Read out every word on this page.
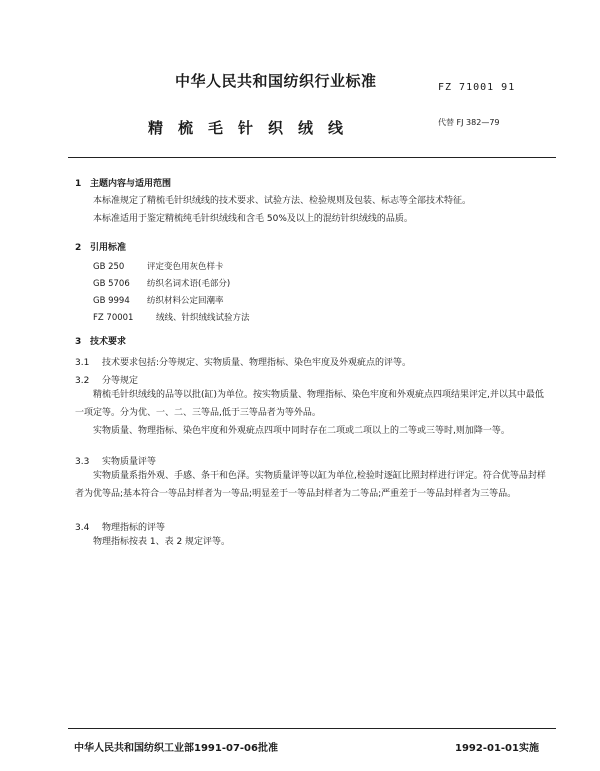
中华人民共和国纺织行业标准	FZ 71001 91
精梳毛针织绒线	代替 FJ 382—79
1 主题内容与适用范围

本标准规定了精梳毛针织绒线的技术要求、试验方法、检验规则及包装、标志等全部技术特征。

本标准适用于鉴定精梳纯毛针织绒线和含毛 50%及以上的混纺针织绒线的品质。

2 引用标准
GB 250	评定变色用灰色样卡
GB 5706 纺织名词术语(毛部分)
GB 9994 纺织材料公定回潮率
FZ 70001	绒线、针织绒线试验方法
3 技术要求
3.1 技术要求包括:分等规定、实物质量、物理指标、染色牢度及外观疵点的评等。
3.2 分等规定

精梳毛针织绒线的品等以批(缸)为单位。按实物质量、物理指标、染色牢度和外观疵点四项结果评定,并以其中最低一项定等。分为优、一、二、三等品,低于三等品者为等外品。

实物质量、物理指标、染色牢度和外观疵点四项中同时存在二项或二项以上的二等或三等时,则加降一等。

3.3 实物质量评等

实物质量系指外观、手感、条干和色泽。实物质量评等以缸为单位,检验时逐缸比照封样进行评定。符合优等品封样者为优等品;基本符合一等品封样者为一等品;明显差于一等品封样者为二等品;严重差于一等品封样者为三等品。

3.4 物理指标的评等

物理指标按表 1、表 2 规定评等。

中华人民共和国纺织工业部1991-07-06批准	1992-01-01实施
